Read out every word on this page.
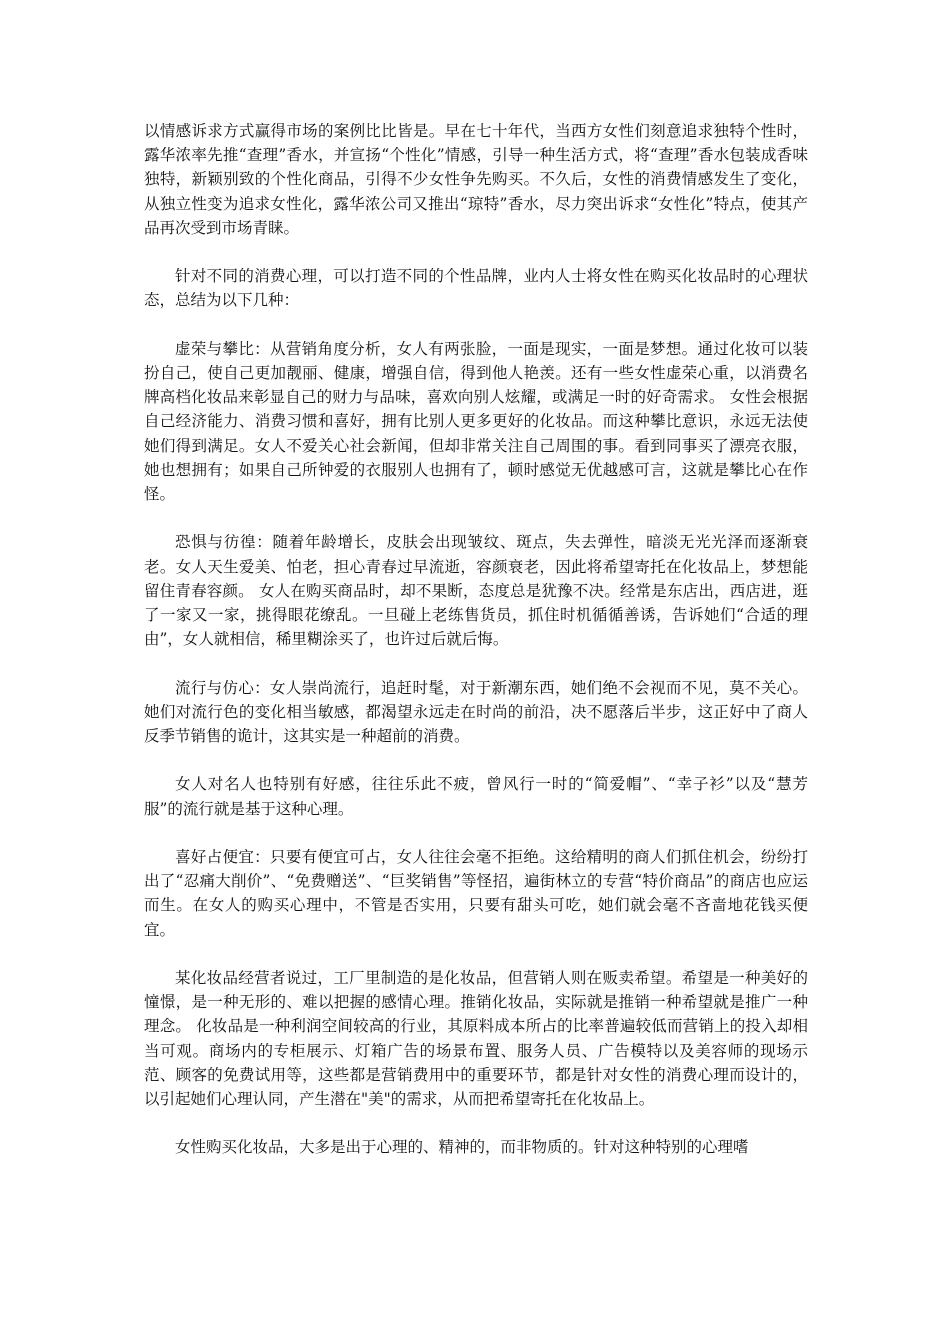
以情感诉求方式赢得市场的案例比比皆是。早在七十年代，当西方女性们刻意追求独特个性时，露华浓率先推“查理”香水，并宣扬“个性化”情感，引导一种生活方式，将“查理”香水包装成香味独特，新颖别致的个性化商品，引得不少女性争先购买。不久后，女性的消费情感发生了变化，从独立性变为追求女性化，露华浓公司又推出“琼特”香水，尽力突出诉求“女性化”特点，使其产品再次受到市场青睐。

针对不同的消费心理，可以打造不同的个性品牌，业内人士将女性在购买化妆品时的心理状态，总结为以下几种：

虚荣与攀比：从营销角度分析，女人有两张脸，一面是现实，一面是梦想。通过化妆可以装扮自己，使自己更加靓丽、健康，增强自信，得到他人艳羡。还有一些女性虚荣心重，以消费名牌高档化妆品来彰显自己的财力与品味，喜欢向别人炫耀，或满足一时的好奇需求。 女性会根据自己经济能力、消费习惯和喜好，拥有比别人更多更好的化妆品。而这种攀比意识，永远无法使她们得到满足。女人不爱关心社会新闻，但却非常关注自己周围的事。看到同事买了漂亮衣服，她也想拥有；如果自己所钟爱的衣服别人也拥有了，顿时感觉无优越感可言，这就是攀比心在作怪。

恐惧与彷徨：随着年龄增长，皮肤会出现皱纹、斑点，失去弹性，暗淡无光光泽而逐渐衰老。女人天生爱美、怕老，担心青春过早流逝，容颜衰老，因此将希望寄托在化妆品上，梦想能留住青春容颜。 女人在购买商品时，却不果断，态度总是犹豫不决。经常是东店出，西店进，逛了一家又一家，挑得眼花缭乱。一旦碰上老练售货员，抓住时机循循善诱，告诉她们“合适的理由”，女人就相信，稀里糊涂买了，也许过后就后悔。

流行与仿心：女人崇尚流行，追赶时髦，对于新潮东西，她们绝不会视而不见，莫不关心。她们对流行色的变化相当敏感，都渴望永远走在时尚的前沿，决不愿落后半步，这正好中了商人反季节销售的诡计，这其实是一种超前的消费。

女人对名人也特别有好感，往往乐此不疲，曾风行一时的“简爱帽”、“幸子衫”以及“慧芳服”的流行就是基于这种心理。

喜好占便宜：只要有便宜可占，女人往往会毫不拒绝。这给精明的商人们抓住机会，纷纷打出了“忍痛大削价”、“免费赠送”、“巨奖销售”等怪招，遍街林立的专营“特价商品”的商店也应运而生。在女人的购买心理中，不管是否实用，只要有甜头可吃，她们就会毫不吝啬地花钱买便宜。

某化妆品经营者说过，工厂里制造的是化妆品，但营销人则在贩卖希望。希望是一种美好的憧憬，是一种无形的、难以把握的感情心理。推销化妆品，实际就是推销一种希望就是推广一种理念。 化妆品是一种利润空间较高的行业，其原料成本所占的比率普遍较低而营销上的投入却相当可观。商场内的专柜展示、灯箱广告的场景布置、服务人员、广告模特以及美容师的现场示范、顾客的免费试用等，这些都是营销费用中的重要环节，都是针对女性的消费心理而设计的，以引起她们心理认同，产生潜在"美"的需求，从而把希望寄托在化妆品上。

女性购买化妆品，大多是出于心理的、精神的，而非物质的。针对这种特别的心理嗜
